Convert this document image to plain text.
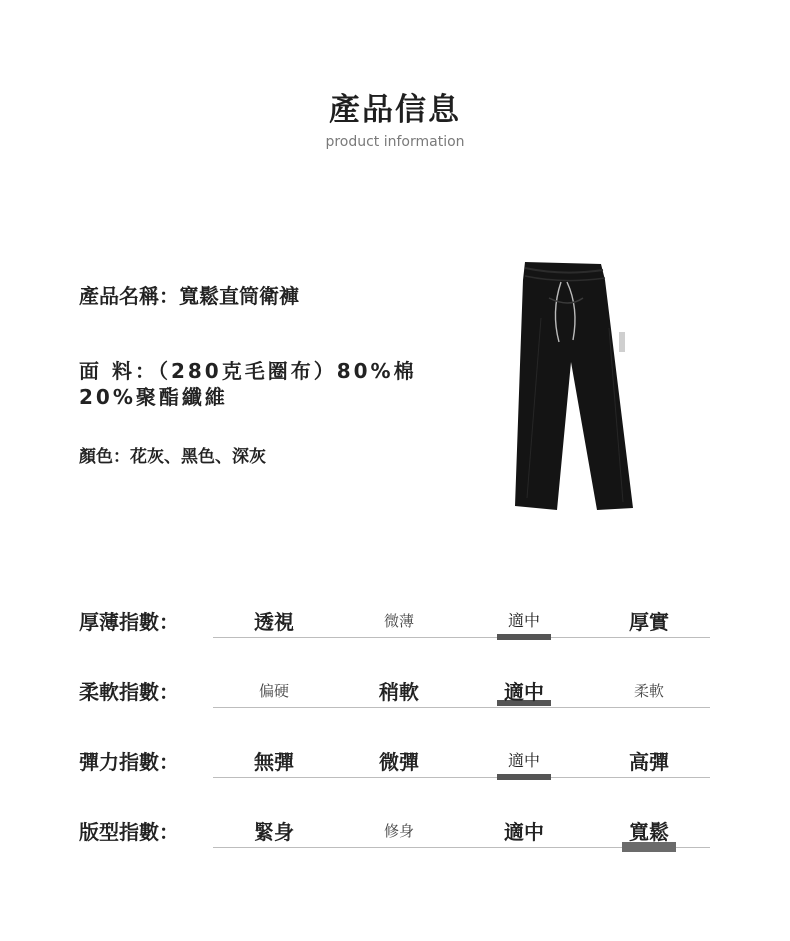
產品信息
product information
產品名稱：寬鬆直筒衛褲
面 料：（280克毛圈布）80%棉
20%聚酯纖維
顏色：花灰、黑色、深灰
厚薄指數：	透視	微薄	適中	厚實
柔軟指數：	偏硬	稍軟	適中	柔軟
彈力指數：	無彈	微彈	適中	高彈
版型指數：	緊身	修身	適中	寬鬆
